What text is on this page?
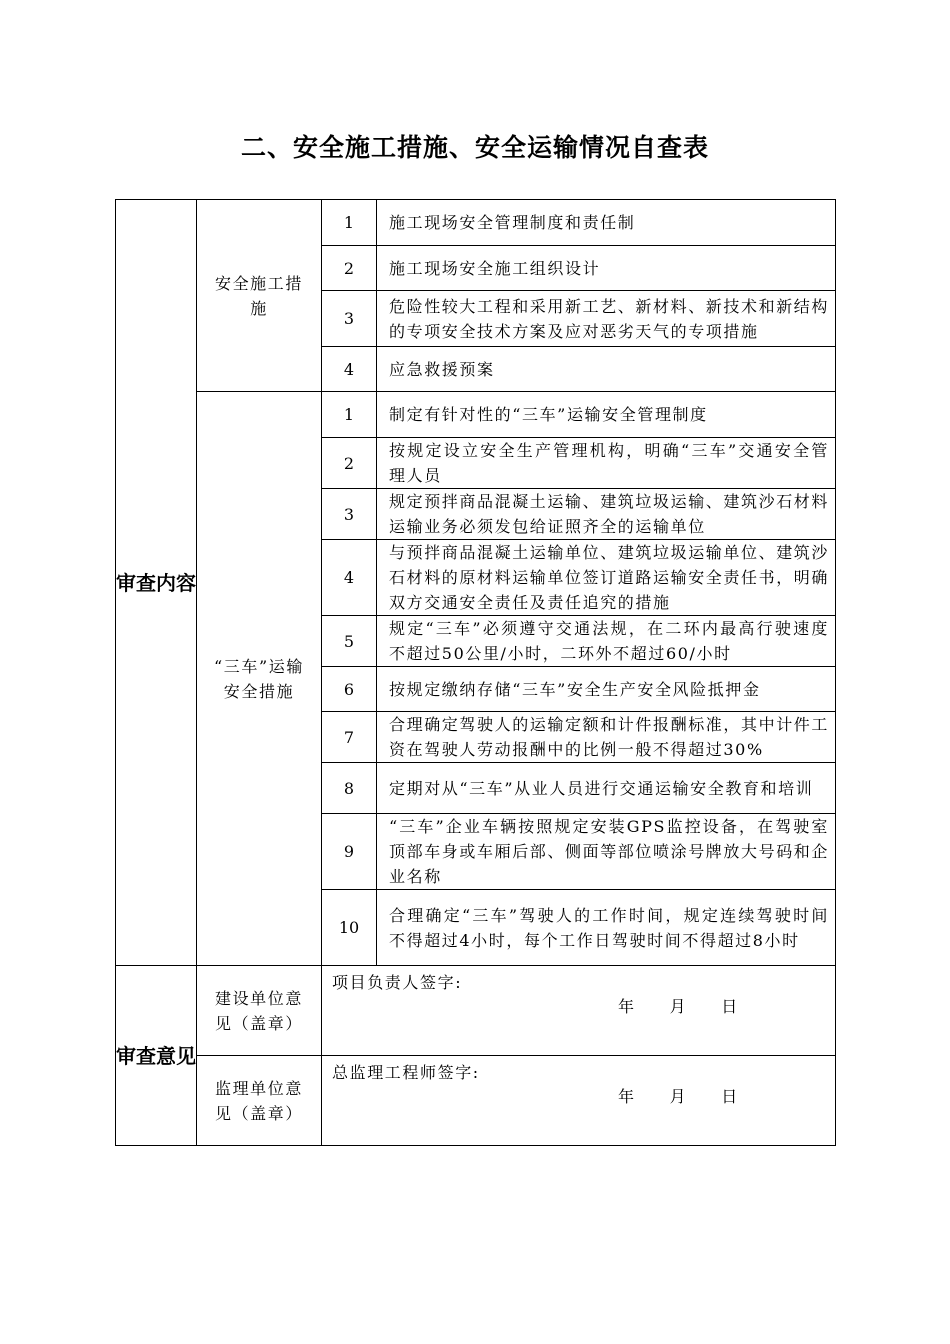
二、安全施工措施、安全运输情况自查表
审查内容	安全施工措施	1	施工现场安全管理制度和责任制
		2	施工现场安全施工组织设计
		3	危险性较大工程和采用新工艺、新材料、新技术和新结构的专项安全技术方案及应对恶劣天气的专项措施
		4	应急救援预案
	“三车”运输安全措施	1	制定有针对性的“三车”运输安全管理制度
		2	按规定设立安全生产管理机构，明确“三车”交通安全管理人员
		3	规定预拌商品混凝土运输、建筑垃圾运输、建筑沙石材料运输业务必须发包给证照齐全的运输单位
		4	与预拌商品混凝土运输单位、建筑垃圾运输单位、建筑沙石材料的原材料运输单位签订道路运输安全责任书，明确双方交通安全责任及责任追究的措施
		5	规定“三车”必须遵守交通法规，在二环内最高行驶速度不超过50公里/小时，二环外不超过60/小时
		6	按规定缴纳存储“三车”安全生产安全风险抵押金
		7	合理确定驾驶人的运输定额和计件报酬标准，其中计件工资在驾驶人劳动报酬中的比例一般不得超过30%
		8	定期对从“三车”从业人员进行交通运输安全教育和培训
		9	“三车”企业车辆按照规定安装GPS监控设备，在驾驶室顶部车身或车厢后部、侧面等部位喷涂号牌放大号码和企业名称
		10	合理确定“三车”驾驶人的工作时间，规定连续驾驶时间不得超过4小时，每个工作日驾驶时间不得超过8小时
审查意见	建设单位意见（盖章）	项目负责人签字:
年 月 日	

	监理单位意见（盖章）	总监理工程师签字:
年 月 日	
